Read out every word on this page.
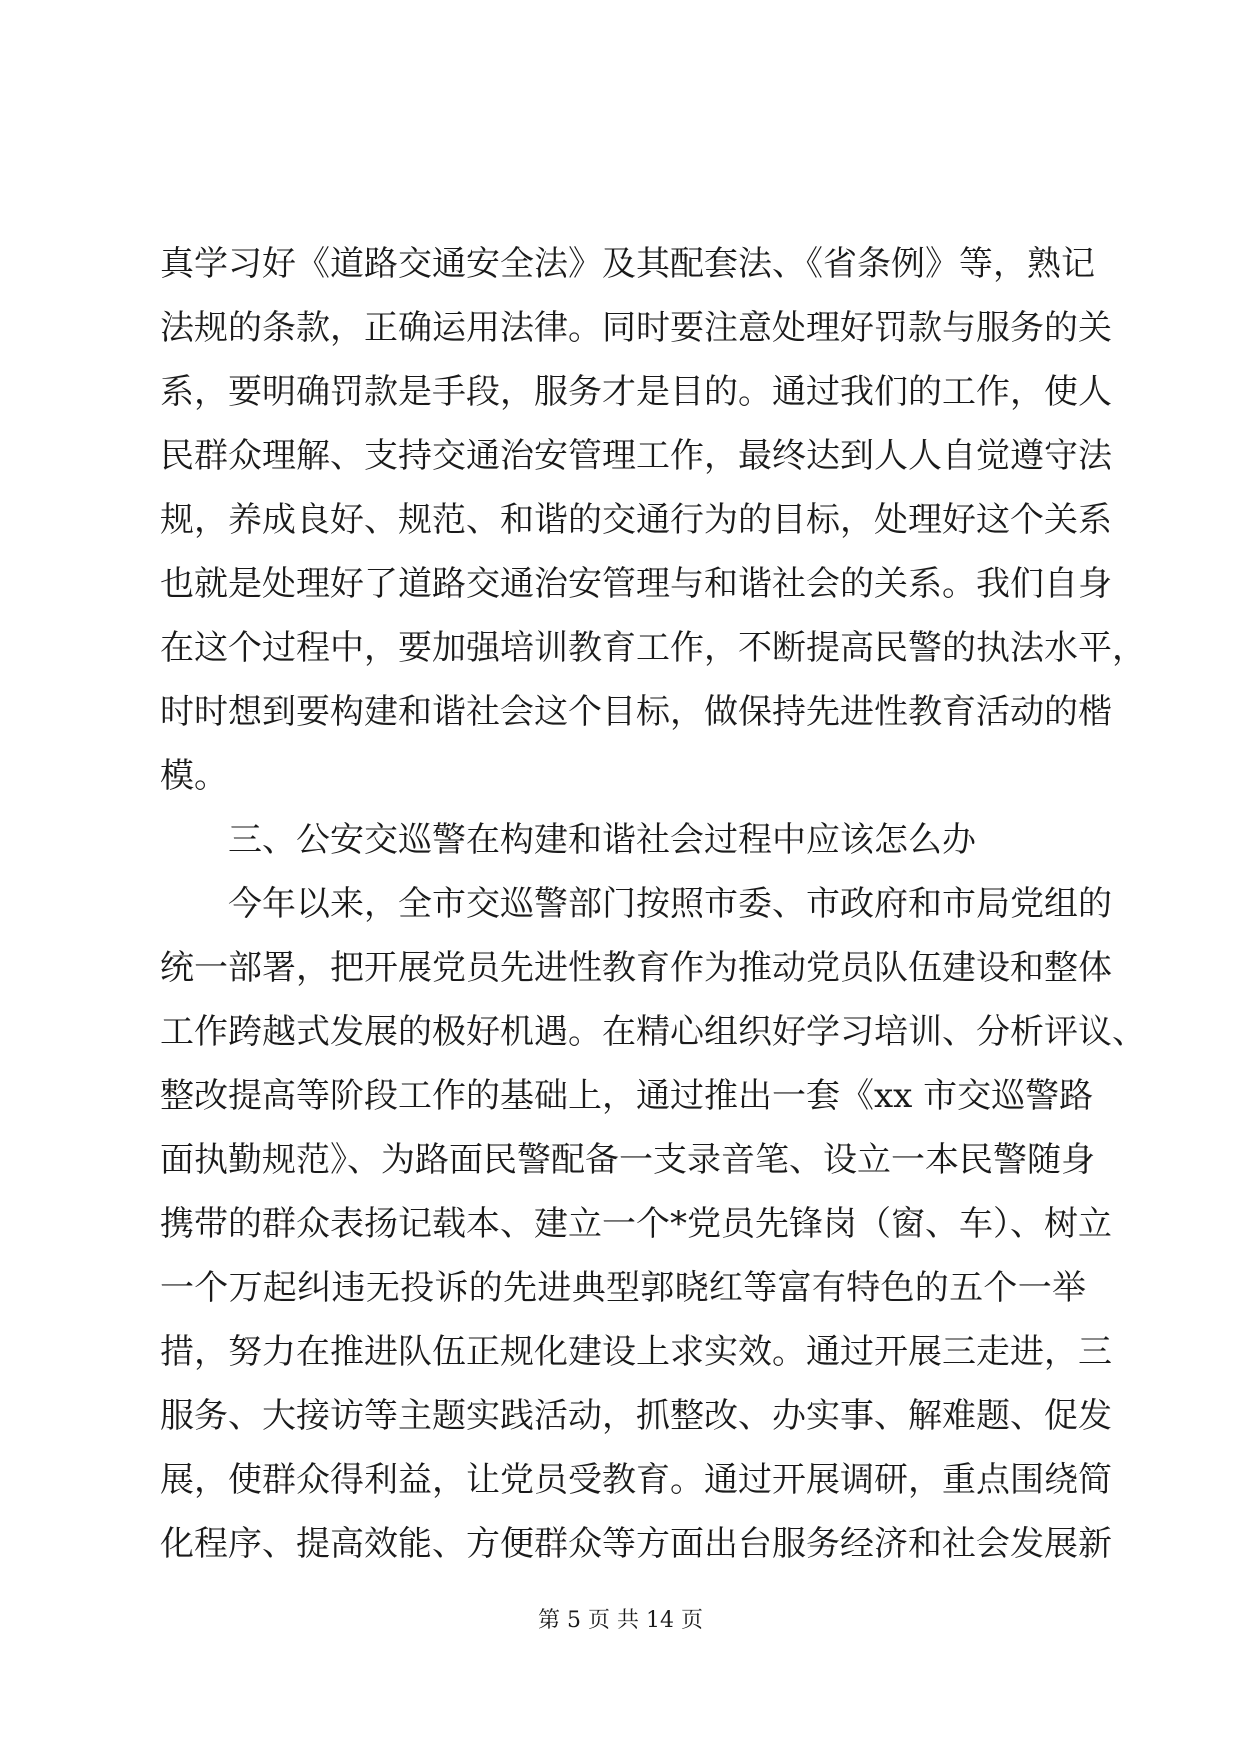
真学习好《道路交通安全法》及其配套法、《省条例》等，熟记
法规的条款，正确运用法律。同时要注意处理好罚款与服务的关
系，要明确罚款是手段，服务才是目的。通过我们的工作，使人
民群众理解、支持交通治安管理工作，最终达到人人自觉遵守法
规，养成良好、规范、和谐的交通行为的目标，处理好这个关系
也就是处理好了道路交通治安管理与和谐社会的关系。我们自身
在这个过程中，要加强培训教育工作，不断提高民警的执法水平，
时时想到要构建和谐社会这个目标，做保持先进性教育活动的楷
模。
三、公安交巡警在构建和谐社会过程中应该怎么办
今年以来，全市交巡警部门按照市委、市政府和市局党组的
统一部署，把开展党员先进性教育作为推动党员队伍建设和整体
工作跨越式发展的极好机遇。在精心组织好学习培训、分析评议、
整改提高等阶段工作的基础上，通过推出一套《xx 市交巡警路
面执勤规范》、为路面民警配备一支录音笔、设立一本民警随身
携带的群众表扬记载本、建立一个*党员先锋岗（窗、车）、树立
一个万起纠违无投诉的先进典型郭晓红等富有特色的五个一举
措，努力在推进队伍正规化建设上求实效。通过开展三走进，三
服务、大接访等主题实践活动，抓整改、办实事、解难题、促发
展，使群众得利益，让党员受教育。通过开展调研，重点围绕简
化程序、提高效能、方便群众等方面出台服务经济和社会发展新
第 5 页 共 14 页
